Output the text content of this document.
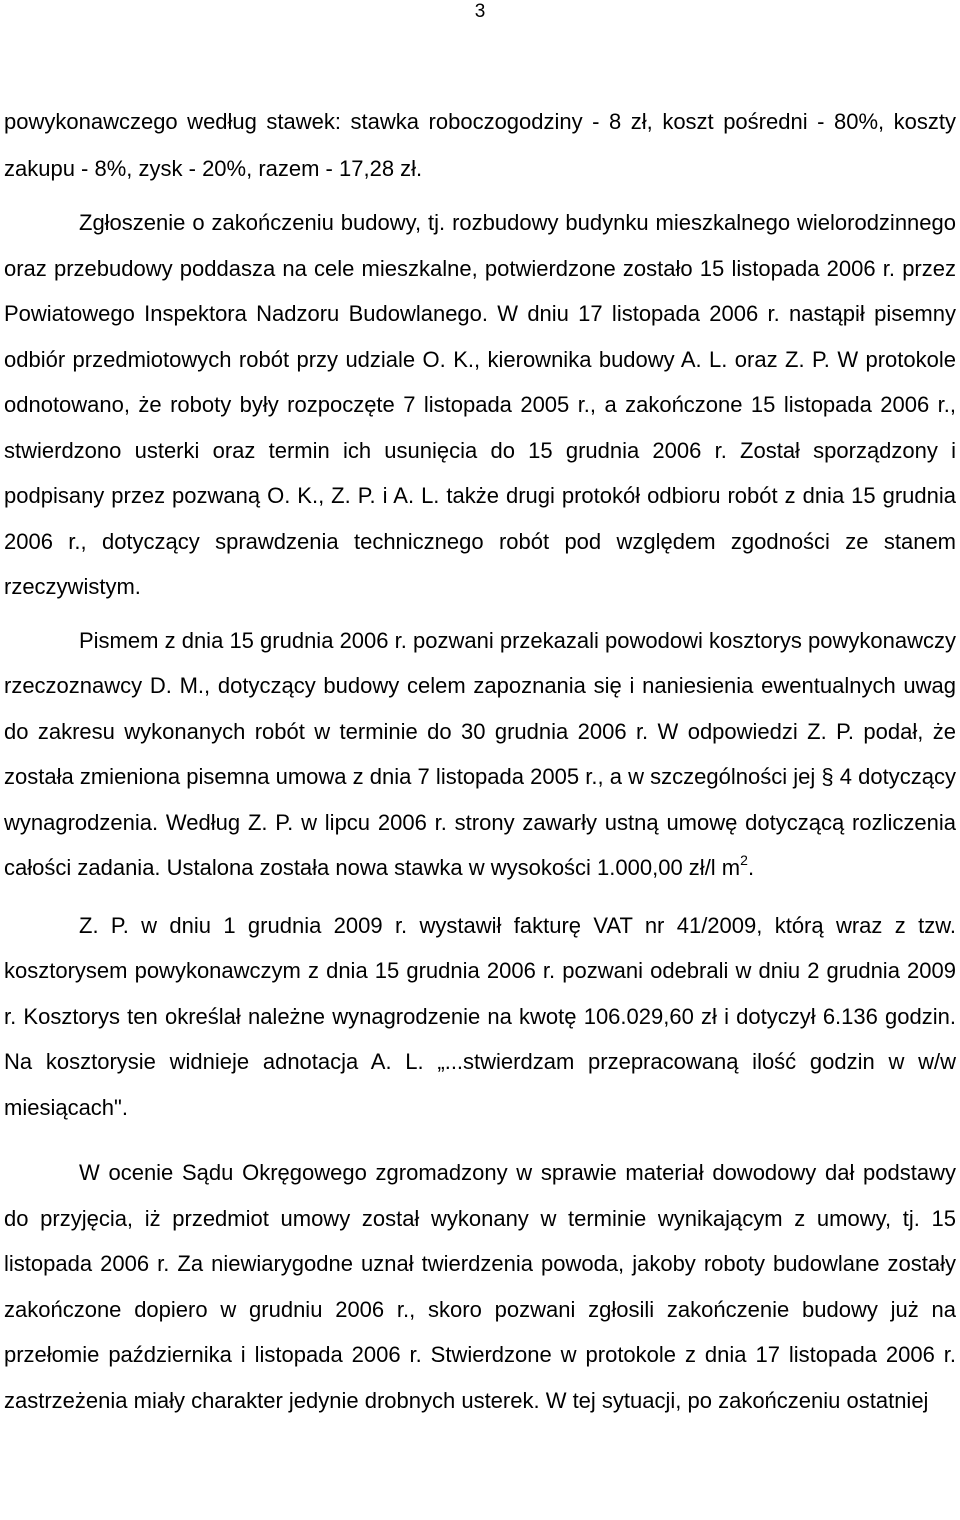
3

powykonawczego według stawek: stawka roboczogodziny - 8 zł, koszt pośredni - 80%, koszty zakupu - 8%, zysk - 20%, razem - 17,28 zł.

Zgłoszenie o zakończeniu budowy, tj. rozbudowy budynku mieszkalnego wielorodzinnego oraz przebudowy poddasza na cele mieszkalne, potwierdzone zostało 15 listopada 2006 r. przez Powiatowego Inspektora Nadzoru Budowlanego. W dniu 17 listopada 2006 r. nastąpił pisemny odbiór przedmiotowych robót przy udziale O. K., kierownika budowy A. L. oraz Z. P. W protokole odnotowano, że roboty były rozpoczęte 7 listopada 2005 r., a zakończone 15 listopada 2006 r., stwierdzono usterki oraz termin ich usunięcia do 15 grudnia 2006 r. Został sporządzony i podpisany przez pozwaną O. K., Z. P. i A. L. także drugi protokół odbioru robót z dnia 15 grudnia 2006 r., dotyczący sprawdzenia technicznego robót pod względem zgodności ze stanem rzeczywistym.

Pismem z dnia 15 grudnia 2006 r. pozwani przekazali powodowi kosztorys powykonawczy rzeczoznawcy D. M., dotyczący budowy celem zapoznania się i naniesienia ewentualnych uwag do zakresu wykonanych robót w terminie do 30 grudnia 2006 r. W odpowiedzi Z. P. podał, że została zmieniona pisemna umowa z dnia 7 listopada 2005 r., a w szczególności jej § 4 dotyczący wynagrodzenia. Według Z. P. w lipcu 2006 r. strony zawarły ustną umowę dotyczącą rozliczenia całości zadania. Ustalona została nowa stawka w wysokości 1.000,00 zł/l $m^2$.

Z. P. w dniu 1 grudnia 2009 r. wystawił fakturę VAT nr 41/2009, którą wraz z tzw. kosztorysem powykonawczym z dnia 15 grudnia 2006 r. pozwani odebrali w dniu 2 grudnia 2009 r. Kosztorys ten określał należne wynagrodzenie na kwotę 106.029,60 zł i dotyczył 6.136 godzin. Na kosztorysie widnieje adnotacja A. L. „...stwierdzam przepracowaną ilość godzin w w/w miesiącach".

W ocenie Sądu Okręgowego zgromadzony w sprawie materiał dowodowy dał podstawy do przyjęcia, iż przedmiot umowy został wykonany w terminie wynikającym z umowy, tj. 15 listopada 2006 r. Za niewiarygodne uznał twierdzenia powoda, jakoby roboty budowlane zostały zakończone dopiero w grudniu 2006 r., skoro pozwani zgłosili zakończenie budowy już na przełomie października i listopada 2006 r. Stwierdzone w protokole z dnia 17 listopada 2006 r. zastrzeżenia miały charakter jedynie drobnych usterek. W tej sytuacji, po zakończeniu ostatniej
